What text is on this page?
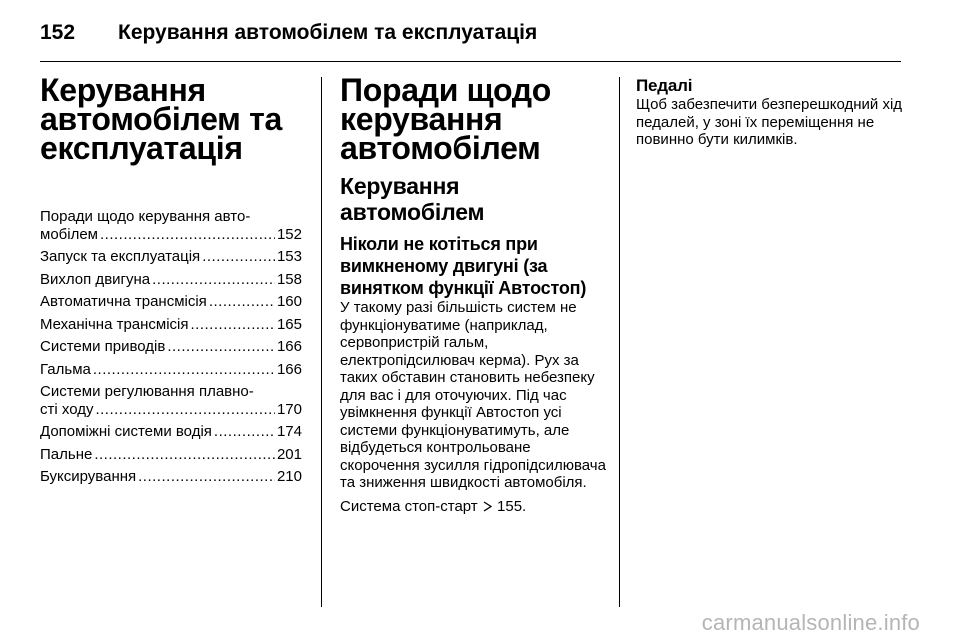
152 Керування автомобілем та експлуатація
Керування автомобілем та експлуатація
Поради щодо керування авто-
мобілем .....	152
Запуск та експлуатація .....	153
Вихлоп двигуна .....	158
Автоматична трансмісія .....	160
Механічна трансмісія .....	165
Системи приводів .....	166
Гальма .....	166
Системи регулювання плавно-
сті ходу .....	170
Допоміжні системи водія .....	174
Пальне .....	201
Буксирування .....	210
Поради щодо керування автомобілем
Керування автомобілем
Ніколи не котіться при вимкненому двигуні (за винятком функції Автостоп)

У такому разі більшість систем не функціонуватиме (наприклад, сервопристрій гальм, електропідсилювач керма). Рух за таких обставин становить небезпеку для вас і для оточуючих. Під час увімкнення функції Автостоп усі системи функціонуватимуть, але відбудеться контрольоване скорочення зусилля гідропідсилювача та зниження швидкості автомобіля.

Система стоп-старт 155.

Педалі

Щоб забезпечити безперешкодний хід педалей, у зоні їх переміщення не повинно бути килимків.

carmanualsonline.info
